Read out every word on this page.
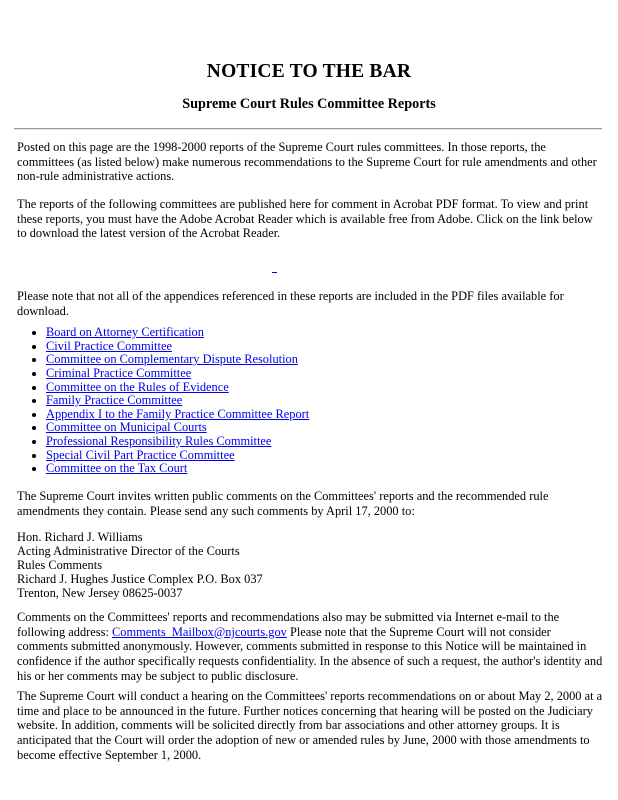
NOTICE TO THE BAR
Supreme Court Rules Committee Reports

Posted on this page are the 1998-2000 reports of the Supreme Court rules committees. In those reports, the committees (as listed below) make numerous recommendations to the Supreme Court for rule amendments and other non-rule administrative actions.

The reports of the following committees are published here for comment in Acrobat PDF format. To view and print these reports, you must have the Adobe Acrobat Reader which is available free from Adobe. Click on the link below to download the latest version of the Acrobat Reader.

Please note that not all of the appendices referenced in these reports are included in the PDF files available for download.

• Board on Attorney Certification
• Civil Practice Committee
• Committee on Complementary Dispute Resolution
• Criminal Practice Committee
• Committee on the Rules of Evidence
• Family Practice Committee
• Appendix I to the Family Practice Committee Report
• Committee on Municipal Courts
• Professional Responsibility Rules Committee
• Special Civil Part Practice Committee
• Committee on the Tax Court

The Supreme Court invites written public comments on the Committees' reports and the recommended rule amendments they contain. Please send any such comments by April 17, 2000 to:

Hon. Richard J. Williams
Acting Administrative Director of the Courts
Rules Comments
Richard J. Hughes Justice Complex P.O. Box 037
Trenton, New Jersey 08625-0037

Comments on the Committees' reports and recommendations also may be submitted via Internet e-mail to the following address: Comments_Mailbox@njcourts.gov Please note that the Supreme Court will not consider comments submitted anonymously. However, comments submitted in response to this Notice will be maintained in confidence if the author specifically requests confidentiality. In the absence of such a request, the author's identity and his or her comments may be subject to public disclosure.

The Supreme Court will conduct a hearing on the Committees' reports recommendations on or about May 2, 2000 at a time and place to be announced in the future. Further notices concerning that hearing will be posted on the Judiciary website. In addition, comments will be solicited directly from bar associations and other attorney groups. It is anticipated that the Court will order the adoption of new or amended rules by June, 2000 with those amendments to become effective September 1, 2000.
